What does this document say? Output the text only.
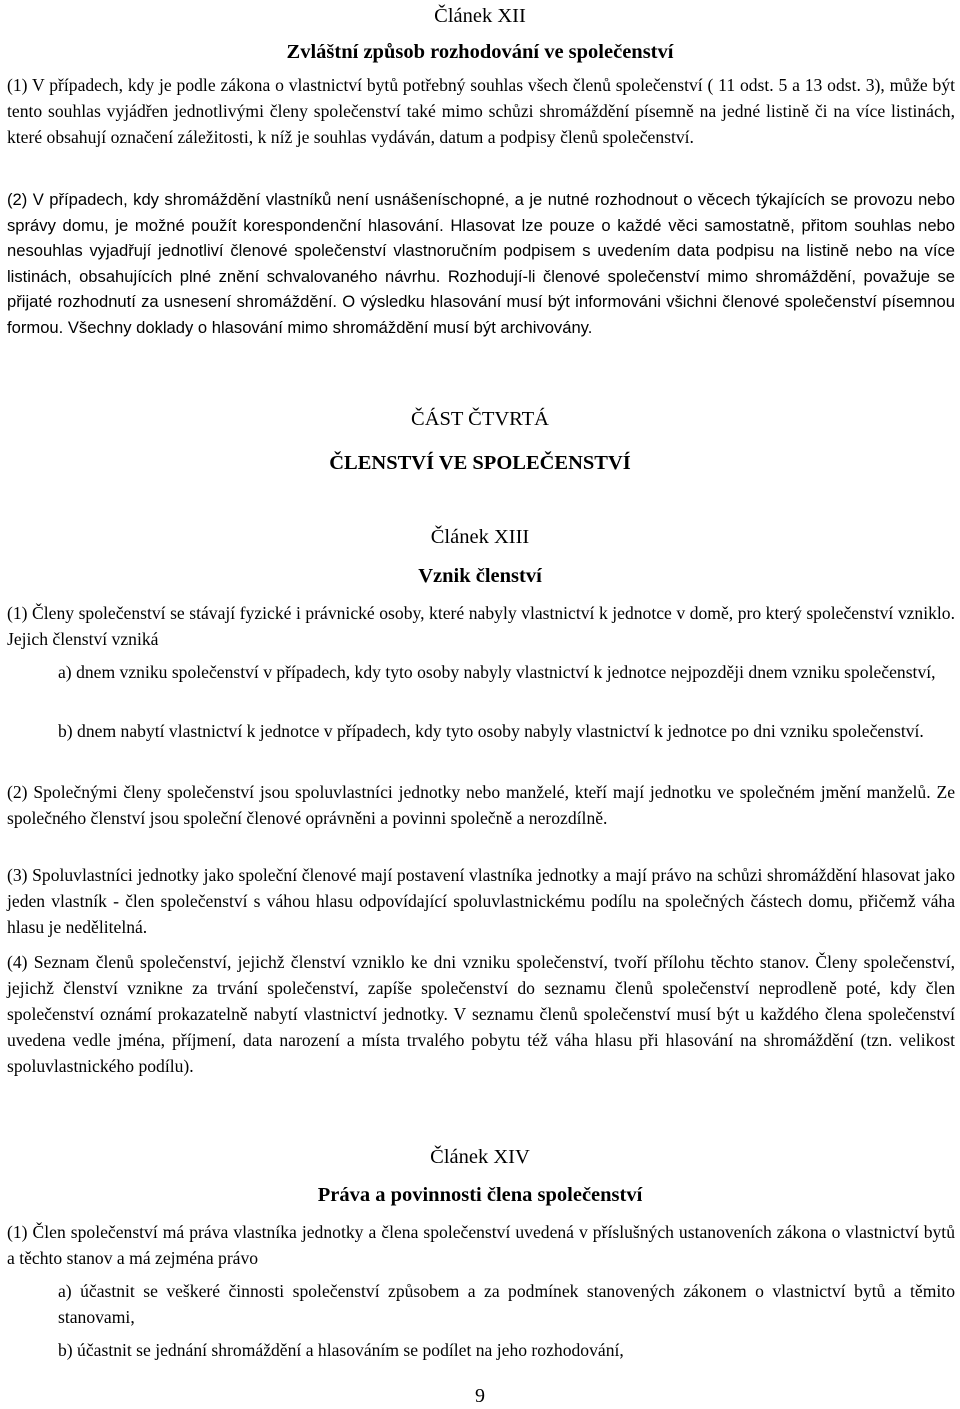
Článek XII
Zvláštní způsob rozhodování ve společenství

(1) V případech, kdy je podle zákona o vlastnictví bytů potřebný souhlas všech členů společenství ( 11 odst. 5 a 13 odst. 3), může být tento souhlas vyjádřen jednotlivými členy společenství také mimo schůzi shromáždění písemně na jedné listině či na více listinách, které obsahují označení záležitosti, k níž je souhlas vydáván, datum a podpisy členů společenství.

(2) V případech, kdy shromáždění vlastníků není usnášeníschopné, a je nutné rozhodnout o věcech týkajících se provozu nebo správy domu, je možné použít korespondenční hlasování. Hlasovat lze pouze o každé věci samostatně, přitom souhlas nebo nesouhlas vyjadřují jednotliví členové společenství vlastnoručním podpisem s uvedením data podpisu na listině nebo na více listinách, obsahujících plné znění schvalovaného návrhu. Rozhodují-li členové společenství mimo shromáždění, považuje se přijaté rozhodnutí za usnesení shromáždění. O výsledku hlasování musí být informováni všichni členové společenství písemnou formou. Všechny doklady o hlasování mimo shromáždění musí být archivovány.

ČÁST ČTVRTÁ
ČLENSTVÍ VE SPOLEČENSTVÍ
Článek XIII
Vznik členství

(1) Členy společenství se stávají fyzické i právnické osoby, které nabyly vlastnictví k jednotce v domě, pro který společenství vzniklo. Jejich členství vzniká

a) dnem vzniku společenství v případech, kdy tyto osoby nabyly vlastnictví k jednotce nejpozději dnem vzniku společenství,

b) dnem nabytí vlastnictví k jednotce v případech, kdy tyto osoby nabyly vlastnictví k jednotce po dni vzniku společenství.

(2) Společnými členy společenství jsou spoluvlastníci jednotky nebo manželé, kteří mají jednotku ve společném jmění manželů. Ze společného členství jsou společní členové oprávněni a povinni společně a nerozdílně.

(3) Spoluvlastníci jednotky jako společní členové mají postavení vlastníka jednotky a mají právo na schůzi shromáždění hlasovat jako jeden vlastník - člen společenství s váhou hlasu odpovídající spoluvlastnickému podílu na společných částech domu, přičemž váha hlasu je nedělitelná.

(4) Seznam členů společenství, jejichž členství vzniklo ke dni vzniku společenství, tvoří přílohu těchto stanov. Členy společenství, jejichž členství vznikne za trvání společenství, zapíše společenství do seznamu členů společenství neprodleně poté, kdy člen společenství oznámí prokazatelně nabytí vlastnictví jednotky. V seznamu členů společenství musí být u každého člena společenství uvedena vedle jména, příjmení, data narození a místa trvalého pobytu též váha hlasu při hlasování na shromáždění (tzn. velikost spoluvlastnického podílu).

Článek XIV
Práva a povinnosti člena společenství

(1) Člen společenství má práva vlastníka jednotky a člena společenství uvedená v příslušných ustanoveních zákona o vlastnictví bytů a těchto stanov a má zejména právo

a) účastnit se veškeré činnosti společenství způsobem a za podmínek stanovených zákonem o vlastnictví bytů a těmito stanovami,

b) účastnit se jednání shromáždění a hlasováním se podílet na jeho rozhodování,

9
